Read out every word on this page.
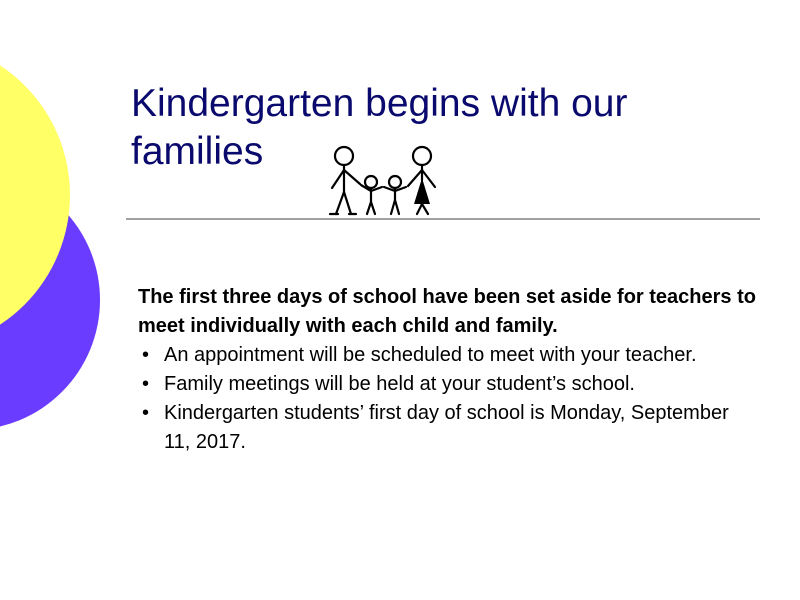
Kindergarten begins with our
families

The first three days of school have been set aside for teachers to meet individually with each child and family.

• An appointment will be scheduled to meet with your teacher.
• Family meetings will be held at your student’s school.
• Kindergarten students’ first day of school is Monday, September 11, 2017.
